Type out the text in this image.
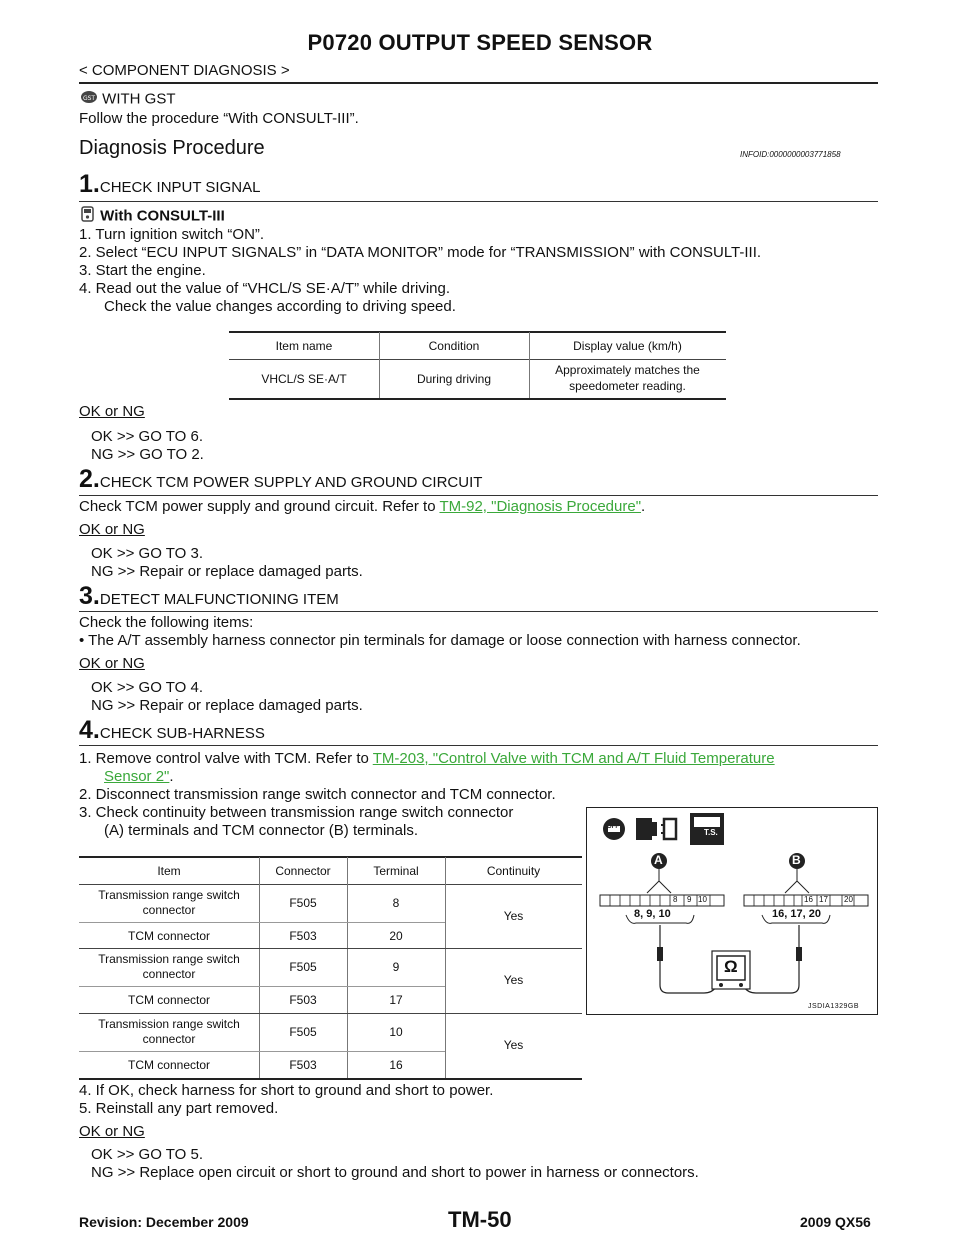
P0720 OUTPUT SPEED SENSOR
< COMPONENT DIAGNOSIS >
GST WITH GST
Follow the procedure “With CONSULT-III”.
Diagnosis Procedure	INFOID:0000000003771858
1.CHECK INPUT SIGNAL
With CONSULT-III
1. Turn ignition switch “ON”.
2. Select “ECU INPUT SIGNALS” in “DATA MONITOR” mode for “TRANSMISSION” with CONSULT-III.
3. Start the engine.
4. Read out the value of “VHCL/S SE·A/T” while driving.
Check the value changes according to driving speed.
Item name	Condition	Display value (km/h)
VHCL/S SE·A/T	During driving
Approximately matches the
speedometer reading.
OK or NG
OK >> GO TO 6.
NG >> GO TO 2.
2.CHECK TCM POWER SUPPLY AND GROUND CIRCUIT
Check TCM power supply and ground circuit. Refer to TM-92, "Diagnosis Procedure".
OK or NG
OK >> GO TO 3.
NG >> Repair or replace damaged parts.
3.DETECT MALFUNCTIONING ITEM
Check the following items:
• The A/T assembly harness connector pin terminals for damage or loose connection with harness connector.
OK or NG
OK >> GO TO 4.
NG >> Repair or replace damaged parts.
4.CHECK SUB-HARNESS
1. Remove control valve with TCM. Refer to TM-203, "Control Valve with TCM and A/T Fluid Temperature
Sensor 2".
2. Disconnect transmission range switch connector and TCM connector.
3. Check continuity between transmission range switch connector
(A) terminals and TCM connector (B) terminals.
Item	Connector	Terminal	Continuity
Transmission range switch
connector	F505	8
TCM connector	F503	20
Yes
Transmission range switch
connector	F505	9
TCM connector	F503	17
Yes
Transmission range switch
connector	F505	10
TCM connector	F503	16
Yes
T.S.
OFF
A	B
8 9 10	16 17 20
8, 9, 10	16, 17, 20
Ω
JSDIA1329GB
4. If OK, check harness for short to ground and short to power.
5. Reinstall any part removed.
OK or NG
OK >> GO TO 5.
NG >> Replace open circuit or short to ground and short to power in harness or connectors.
Revision: December 2009	TM-50	2009 QX56
